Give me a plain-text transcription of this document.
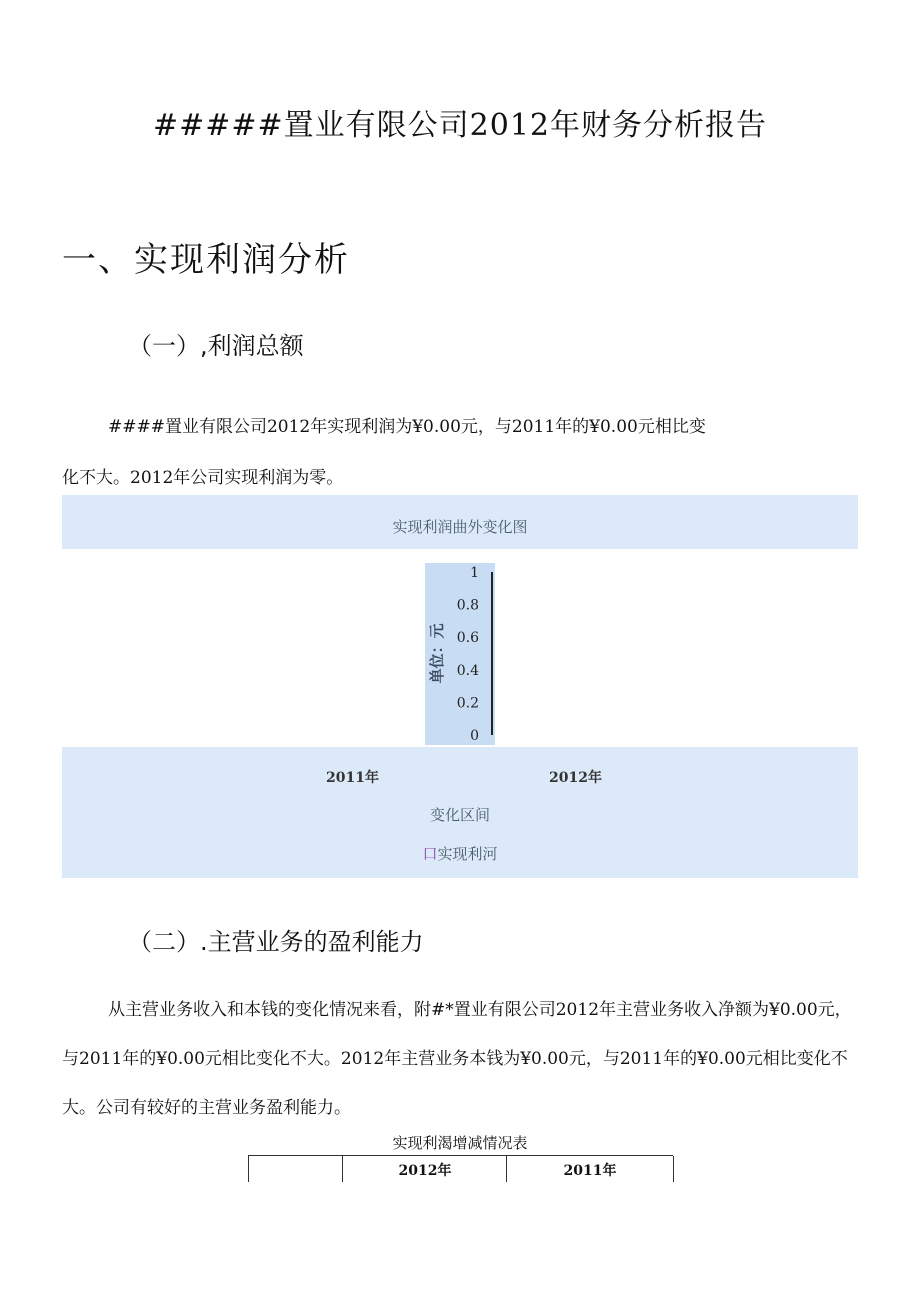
#####置业有限公司2012年财务分析报告
一、实现利润分析
（一）,利润总额
####置业有限公司2012年实现利润为¥0.00元，与2011年的¥0.00元相比变
化不大。2012年公司实现利润为零。
实现利润曲外变化图
单位：元
0
0.2
0.4
0.6
0.8
1
2011年	2012年
变化区间
口实现利河
（二）.主营业务的盈利能力
从主营业务收入和本钱的变化情况来看，附#*置业有限公司2012年主营业务收入净额为¥0.00元，与2011年的¥0.00元相比变化不大。2012年主营业务本钱为¥0.00元，与2011年的¥0.00元相比变化不大。公司有较好的主营业务盈利能力。
实现利渴增减情况表
2012年	2011年
